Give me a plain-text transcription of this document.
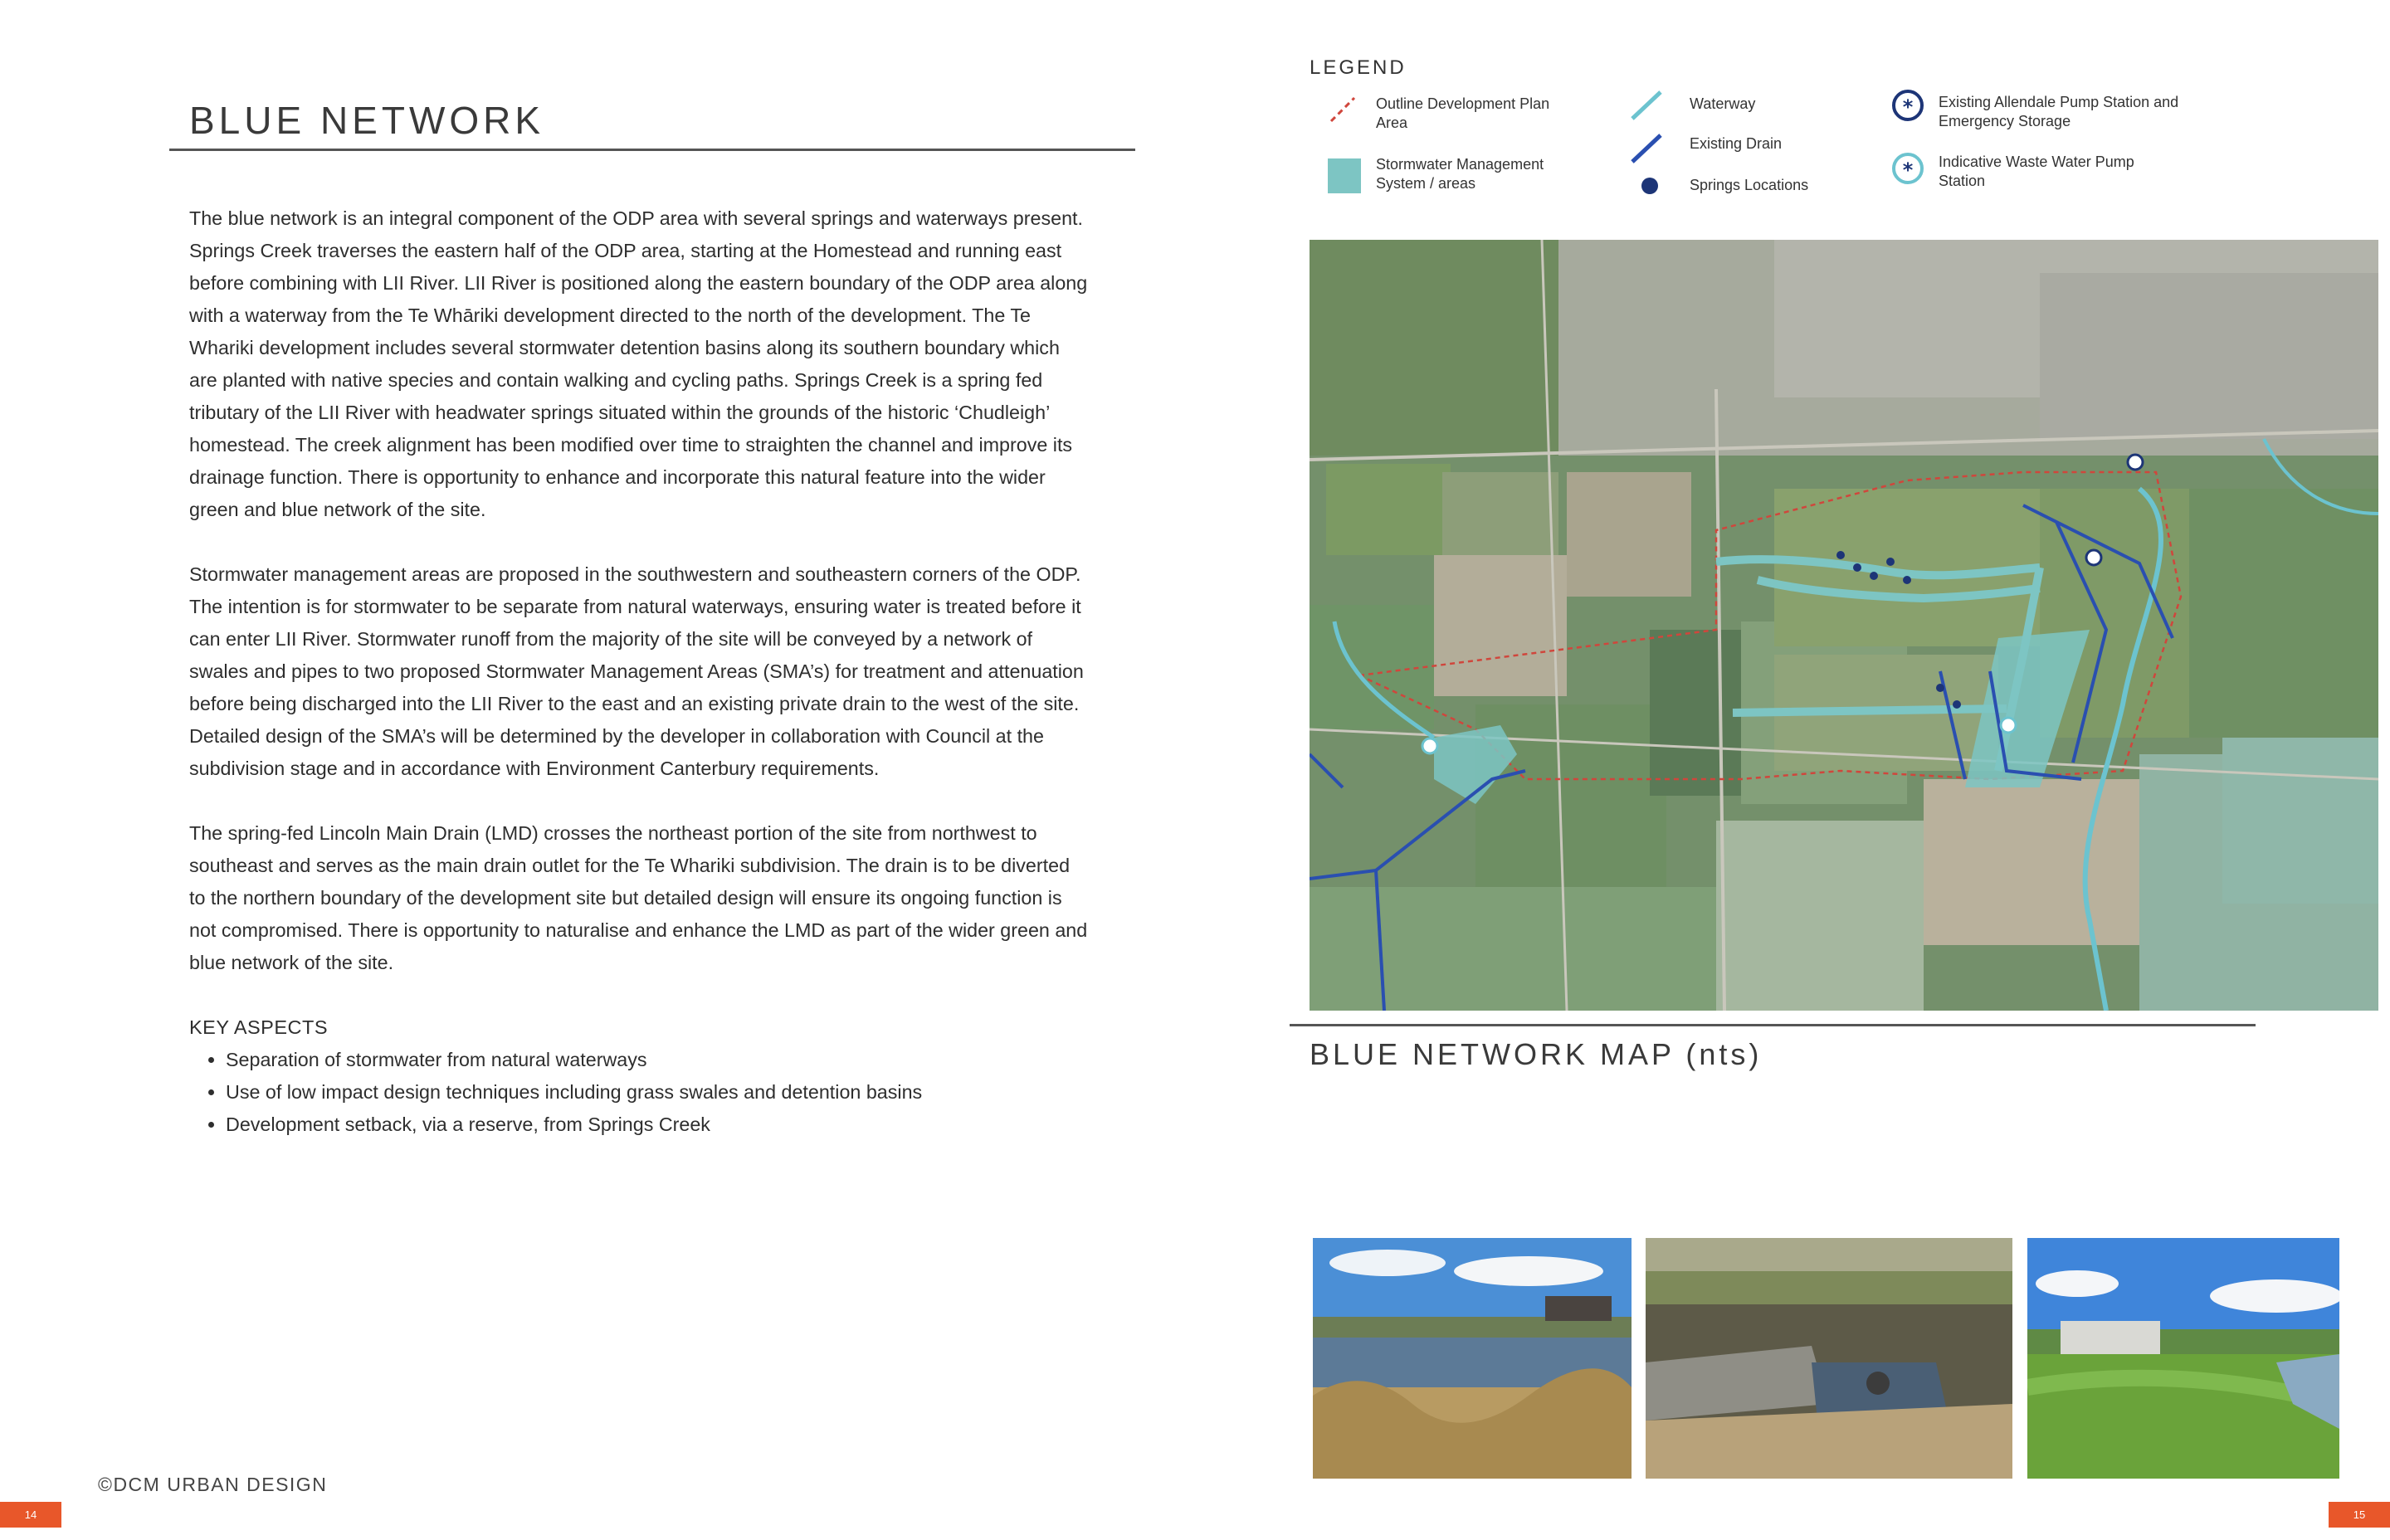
BLUE NETWORK

The blue network is an integral component of the ODP area with several springs and waterways present. Springs Creek traverses the eastern half of the ODP area, starting at the Homestead and running east before combining with LII River. LII River is positioned along the eastern boundary of the ODP area along with a waterway from the Te Whāriki development directed to the north of the development. The Te Whariki development includes several stormwater detention basins along its southern boundary which are planted with native species and contain walking and cycling paths. Springs Creek is a spring fed tributary of the LII River with headwater springs situated within the grounds of the historic ‘Chudleigh’ homestead. The creek alignment has been modified over time to straighten the channel and improve its drainage function. There is opportunity to enhance and incorporate this natural feature into the wider green and blue network of the site.

Stormwater management areas are proposed in the southwestern and southeastern corners of the ODP. The intention is for stormwater to be separate from natural waterways, ensuring water is treated before it can enter LII River. Stormwater runoff from the majority of the site will be conveyed by a network of swales and pipes to two proposed Stormwater Management Areas (SMA’s) for treatment and attenuation before being discharged into the LII River to the east and an existing private drain to the west of the site. Detailed design of the SMA’s will be determined by the developer in collaboration with Council at the subdivision stage and in accordance with Environment Canterbury requirements.

The spring-fed Lincoln Main Drain (LMD) crosses the northeast portion of the site from northwest to southeast and serves as the main drain outlet for the Te Whariki subdivision. The drain is to be diverted to the northern boundary of the development site but detailed design will ensure its ongoing function is not compromised. There is opportunity to naturalise and enhance the LMD as part of the wider green and blue network of the site.

KEY ASPECTS
• Separation of stormwater from natural waterways
• Use of low impact design techniques including grass swales and detention basins
• Development setback, via a reserve, from Springs Creek
©DCM URBAN DESIGN
14
LEGEND
Outline Development Plan Area
Stormwater Management System / areas
Waterway
Existing Drain
Springs Locations
* Existing Allendale Pump Station and Emergency Storage
* Indicative Waste Water Pump Station
BLUE NETWORK MAP (nts)
15
